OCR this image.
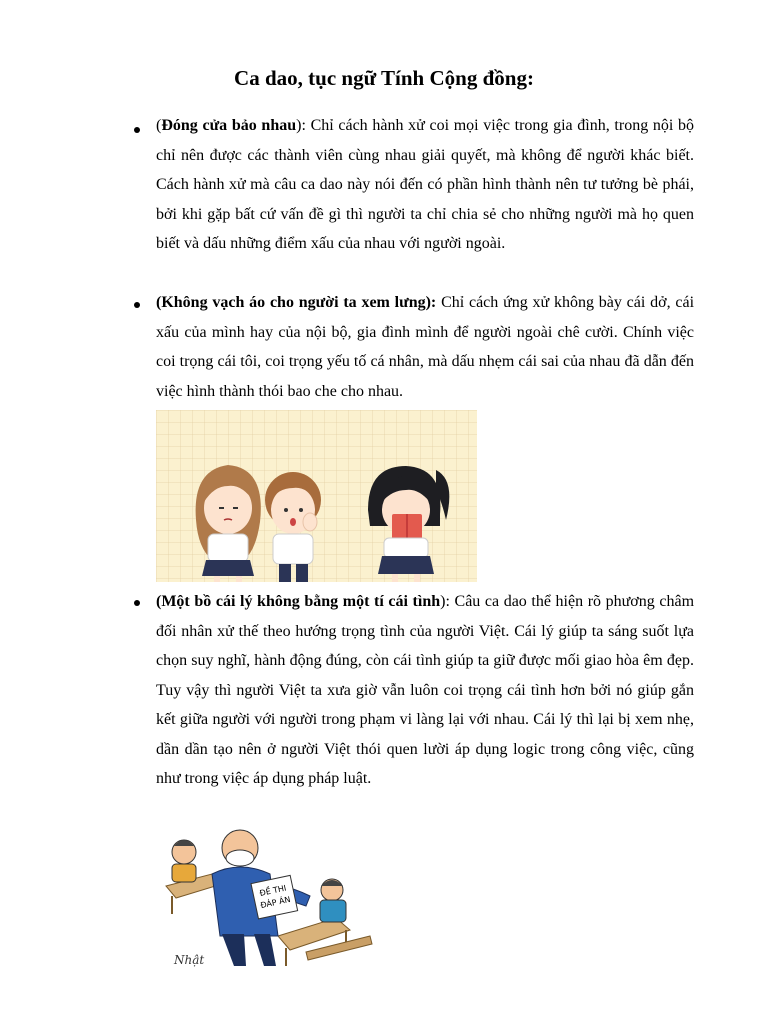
Ca dao, tục ngữ Tính Cộng đồng:

(Đóng cửa bảo nhau): Chỉ cách hành xử coi mọi việc trong gia đình, trong nội bộ chỉ nên được các thành viên cùng nhau giải quyết, mà không để người khác biết. Cách hành xử mà câu ca dao này nói đến có phần hình thành nên tư tưởng bè phái, bởi khi gặp bất cứ vấn đề gì thì người ta chỉ chia sẻ cho những người mà họ quen biết và dấu những điểm xấu của nhau với người ngoài.

(Không vạch áo cho người ta xem lưng): Chỉ cách ứng xử không bày cái dở, cái xấu của mình hay của nội bộ, gia đình mình để người ngoài chê cười. Chính việc coi trọng cái tôi, coi trọng yếu tố cá nhân, mà dấu nhẹm cái sai của nhau đã dẫn đến việc hình thành thói bao che cho nhau.

(Một bồ cái lý không bằng một tí cái tình): Câu ca dao thể hiện rõ phương châm đối nhân xử thế theo hướng trọng tình của người Việt. Cái lý giúp ta sáng suốt lựa chọn suy nghĩ, hành động đúng, còn cái tình giúp ta giữ được mối giao hòa êm đẹp. Tuy vậy thì người Việt ta xưa giờ vẫn luôn coi trọng cái tình hơn bởi nó giúp gắn kết giữa người với người trong phạm vi làng lại với nhau. Cái lý thì lại bị xem nhẹ, dần dần tạo nên ở người Việt thói quen lười áp dụng logic trong công việc, cũng như trong việc áp dụng pháp luật.

ĐỀ THI
ĐÁP ÁN
Nhật
